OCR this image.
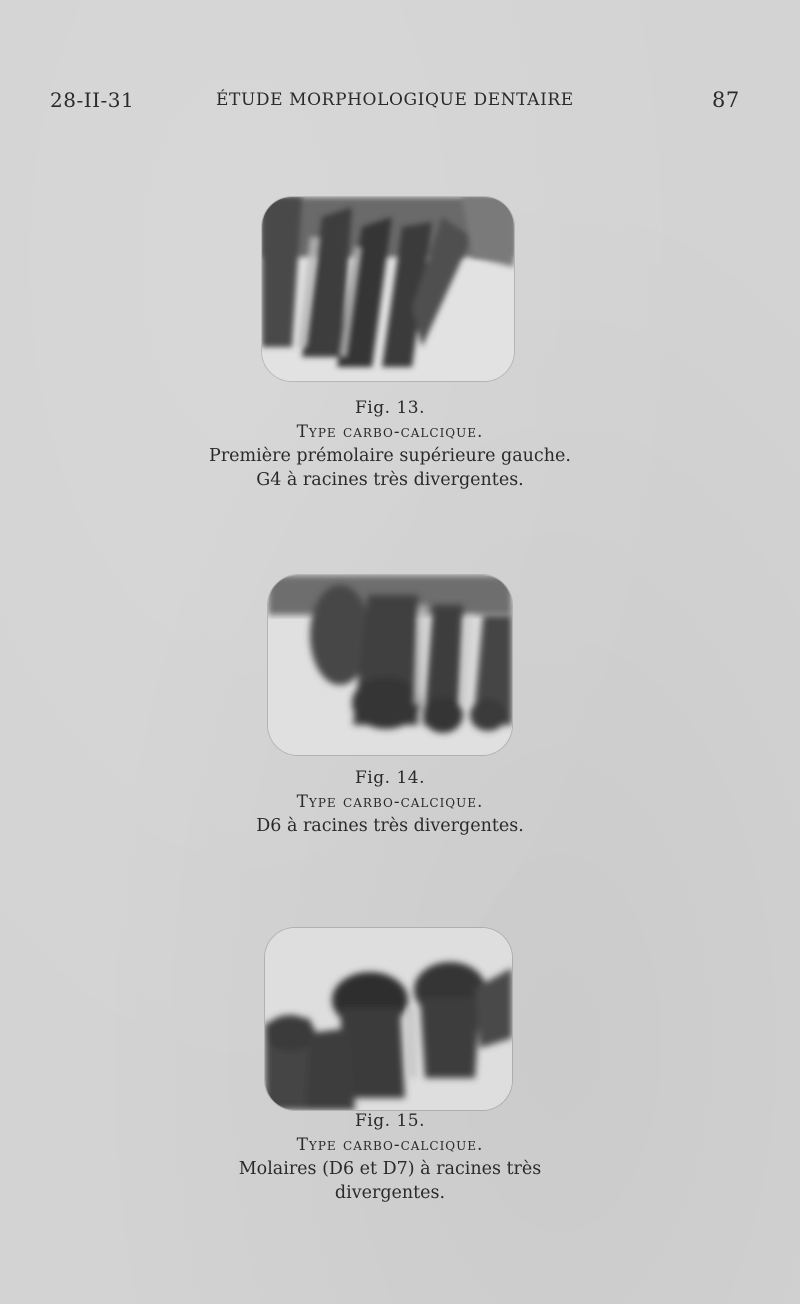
28-II-31	ÉTUDE MORPHOLOGIQUE DENTAIRE	87
Fig. 13.
Type carbo-calcique.
Première prémolaire supérieure gauche.
G4 à racines très divergentes.
Fig. 14.
Type carbo-calcique.
D6 à racines très divergentes.
Fig. 15.
Type carbo-calcique.
Molaires (D6 et D7) à racines très
divergentes.
